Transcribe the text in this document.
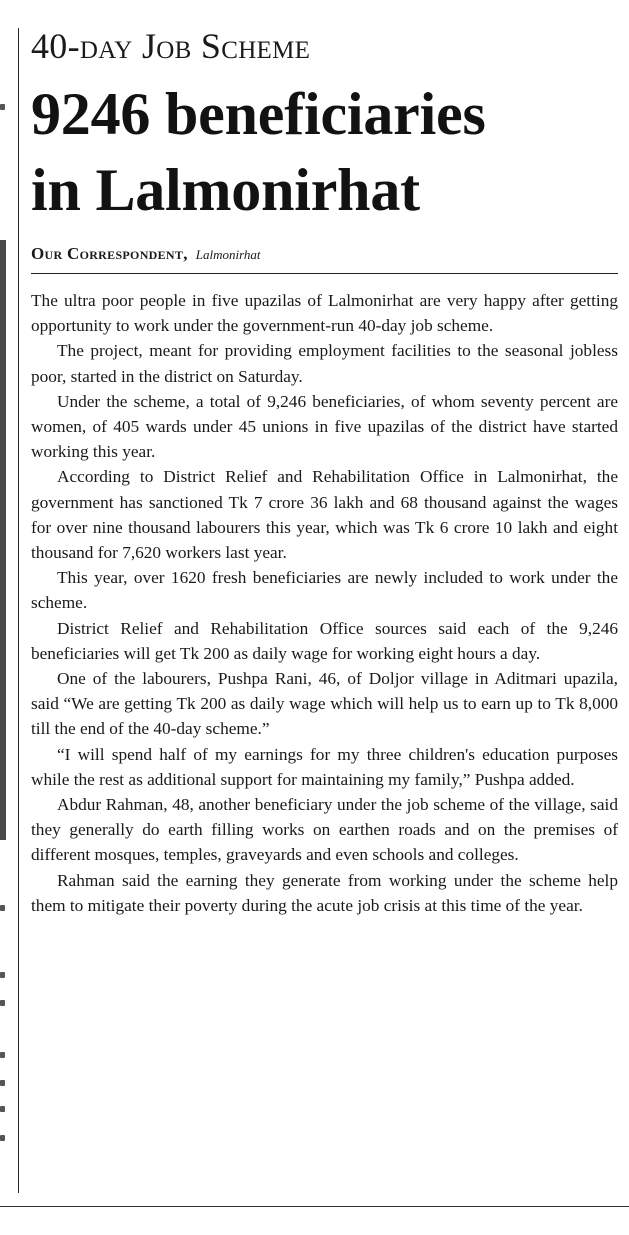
40-day Job Scheme
9246 beneficiaries
in Lalmonirhat
Our Correspondent, Lalmonirhat

The ultra poor people in five upazilas of Lalmonirhat are very happy after getting opportunity to work under the government-run 40-day job scheme.

The project, meant for providing employment facilities to the seasonal jobless poor, started in the district on Saturday.

Under the scheme, a total of 9,246 beneficiaries, of whom seventy percent are women, of 405 wards under 45 unions in five upazilas of the district have started working this year.

According to District Relief and Rehabilitation Office in Lalmonirhat, the government has sanctioned Tk 7 crore 36 lakh and 68 thousand against the wages for over nine thousand labourers this year, which was Tk 6 crore 10 lakh and eight thousand for 7,620 workers last year.

This year, over 1620 fresh beneficiaries are newly included to work under the scheme.

District Relief and Rehabilitation Office sources said each of the 9,246 beneficiaries will get Tk 200 as daily wage for working eight hours a day.

One of the labourers, Pushpa Rani, 46, of Doljor village in Aditmari upazila, said “We are getting Tk 200 as daily wage which will help us to earn up to Tk 8,000 till the end of the 40-day scheme.”

“I will spend half of my earnings for my three children's education purposes while the rest as additional support for maintaining my family,” Pushpa added.

Abdur Rahman, 48, another beneficiary under the job scheme of the village, said they generally do earth filling works on earthen roads and on the premises of different mosques, temples, graveyards and even schools and colleges.

Rahman said the earning they generate from working under the scheme help them to mitigate their poverty during the acute job crisis at this time of the year.
